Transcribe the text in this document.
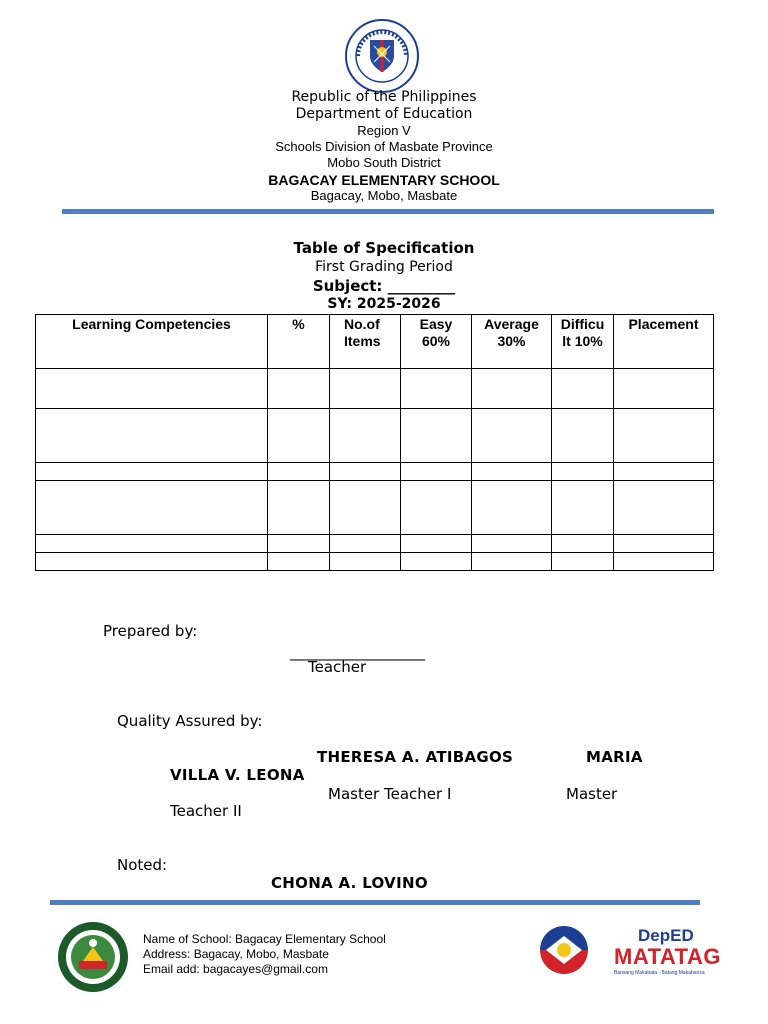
Republic of the Philippines
Department of Education
Region V
Schools Division of Masbate Province
Mobo South District
BAGACAY ELEMENTARY SCHOOL
Bagacay, Mobo, Masbate
Table of Specification
First Grading Period
Subject: _________
SY: 2025-2026
Learning Competencies	%	No.of Items	Easy 60%	Average 30%	Difficu lt 10%	Placement

Prepared by:
__________________
Teacher
Quality Assured by:
THERESA A. ATIBAGOS	MARIA
VILLA V. LEONA
Master Teacher I	Master
Teacher II
Noted:
CHONA A. LOVINO
Name of School: Bagacay Elementary School
Address: Bagacay, Mobo, Masbate
Email add: bagacayes@gmail.com
DepED
MATATAG
Bansang Makabata · Batang Makabansa
